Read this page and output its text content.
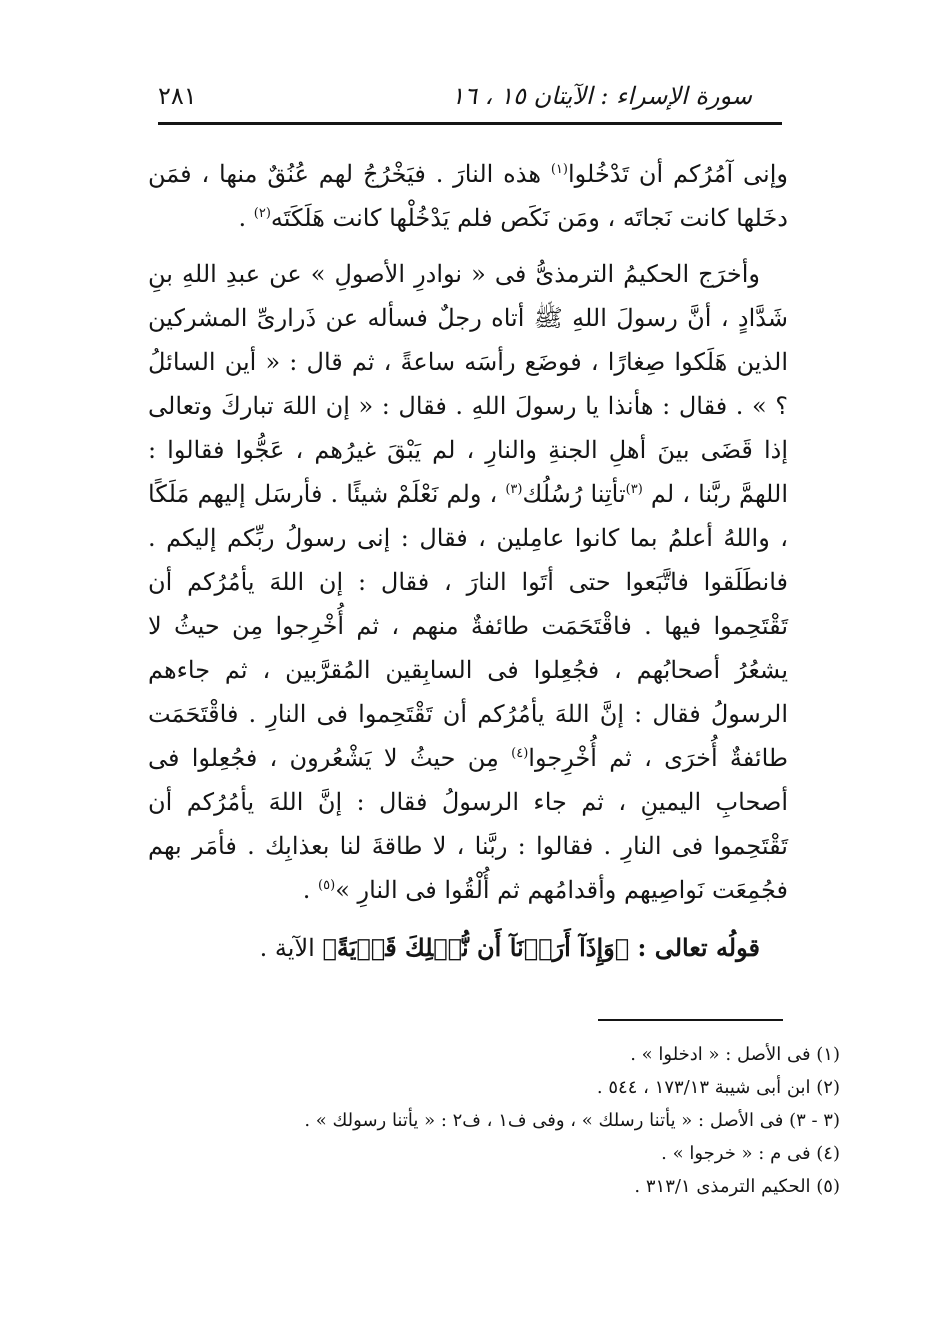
سورة الإسراء : الآيتان ١٥ ، ١٦
٢٨١

وإنى آمُرُكم أن تَدْخُلوا$^{(١)}$ هذه النارَ . فيَخْرُجُ لهم عُنُقٌ منها ، فمَن دخَلها كانت نَجاتَه ، ومَن نَكَص فلم يَدْخُلْها كانت هَلَكَتَه$^{(٢)}$ .

وأخرَج الحكيمُ الترمذىُّ فى « نوادرِ الأصولِ » عن عبدِ اللهِ بنِ شَدَّادٍ ، أنَّ رسولَ اللهِ ﷺ أتاه رجلٌ فسأله عن ذَرارىِّ المشركين الذين هَلَكوا صِغارًا ، فوضَع رأسَه ساعةً ، ثم قال : « أين السائلُ ؟ » . فقال : هأنذا يا رسولَ اللهِ . فقال : « إن اللهَ تباركَ وتعالى إذا قَضَى بينَ أهلِ الجنةِ والنارِ ، لم يَبْقَ غيرُهم ، عَجُّوا فقالوا : اللهمَّ ربَّنا ، لم $^{(٣)}$تأتِنا رُسُلُك$^{(٣)}$ ، ولم نَعْلَمْ شيئًا . فأرسَل إليهم مَلَكًا ، واللهُ أعلمُ بما كانوا عامِلين ، فقال : إنى رسولُ ربِّكم إليكم . فانطَلَقوا فاتَّبَعوا حتى أتَوا النارَ ، فقال : إن اللهَ يأمُرُكم أن تَقْتَحِموا فيها . فاقْتَحَمَت طائفةٌ منهم ، ثم أُخْرِجوا مِن حيثُ لا يشعُرُ أصحابُهم ، فجُعِلوا فى السابِقين المُقرَّبين ، ثم جاءهم الرسولُ فقال : إنَّ اللهَ يأمُرُكم أن تَقْتَحِموا فى النارِ . فاقْتَحَمَت طائفةٌ أُخرَى ، ثم أُخْرِجوا$^{(٤)}$ مِن حيثُ لا يَشْعُرون ، فجُعِلوا فى أصحابِ اليمينِ ، ثم جاء الرسولُ فقال : إنَّ اللهَ يأمُرُكم أن تَقْتَحِموا فى النارِ . فقالوا : ربَّنا ، لا طاقةَ لنا بعذابِك . فأمَر بهم فجُمِعَت نَواصِيهم وأقدامُهم ثم أُلْقُوا فى النارِ »$^{(٥)}$ .

قولُه تعالى : ﴿وَإِذَآ أَرَدۡنَآ أَن نُّهۡلِكَ قَرۡيَةً﴾ الآية .

(١) فى الأصل : « ادخلوا » .

(٢) ابن أبى شيبة ١٧٣/١٣ ، ٥٤٤ .

(٣ - ٣) فى الأصل : « يأتنا رسلك » ، وفى ف١ ، ف٢ : « يأتنا رسولك » .

(٤) فى م : « خرجوا » .

(٥) الحكيم الترمذى ٣١٣/١ .
